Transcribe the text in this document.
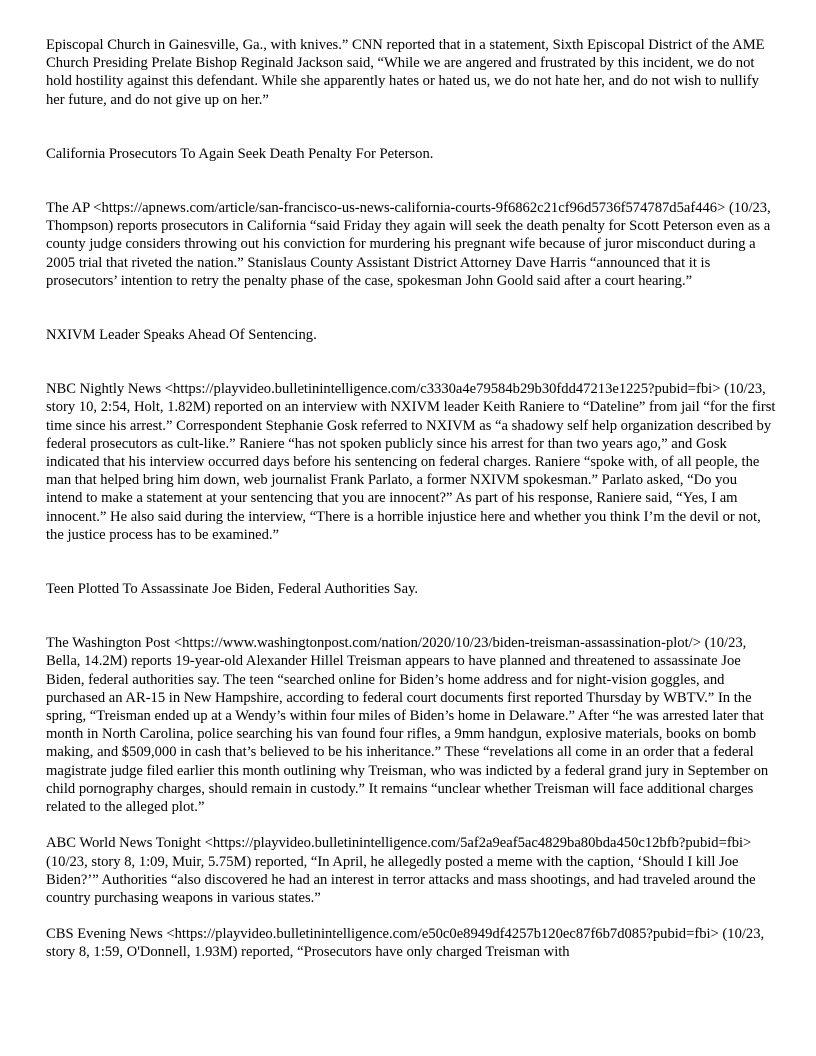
Episcopal Church in Gainesville, Ga., with knives.” CNN reported that in a statement, Sixth Episcopal District of the AME Church Presiding Prelate Bishop Reginald Jackson said, “While we are angered and frustrated by this incident, we do not hold hostility against this defendant. While she apparently hates or hated us, we do not hate her, and do not wish to nullify her future, and do not give up on her.”

California Prosecutors To Again Seek Death Penalty For Peterson.

The AP <https://apnews.com/article/san-francisco-us-news-california-courts-9f6862c21cf96d5736f574787d5af446> (10/23, Thompson) reports prosecutors in California “said Friday they again will seek the death penalty for Scott Peterson even as a county judge considers throwing out his conviction for murdering his pregnant wife because of juror misconduct during a 2005 trial that riveted the nation.” Stanislaus County Assistant District Attorney Dave Harris “announced that it is prosecutors’ intention to retry the penalty phase of the case, spokesman John Goold said after a court hearing.”

NXIVM Leader Speaks Ahead Of Sentencing.

NBC Nightly News <https://playvideo.bulletinintelligence.com/c3330a4e79584b29b30fdd47213e1225?pubid=fbi> (10/23, story 10, 2:54, Holt, 1.82M) reported on an interview with NXIVM leader Keith Raniere to “Dateline” from jail “for the first time since his arrest.” Correspondent Stephanie Gosk referred to NXIVM as “a shadowy self help organization described by federal prosecutors as cult-like.” Raniere “has not spoken publicly since his arrest for than two years ago,” and Gosk indicated that his interview occurred days before his sentencing on federal charges. Raniere “spoke with, of all people, the man that helped bring him down, web journalist Frank Parlato, a former NXIVM spokesman.” Parlato asked, “Do you intend to make a statement at your sentencing that you are innocent?” As part of his response, Raniere said, “Yes, I am innocent.” He also said during the interview, “There is a horrible injustice here and whether you think I’m the devil or not, the justice process has to be examined.”

Teen Plotted To Assassinate Joe Biden, Federal Authorities Say.

The Washington Post <https://www.washingtonpost.com/nation/2020/10/23/biden-treisman-assassination-plot/> (10/23, Bella, 14.2M) reports 19-year-old Alexander Hillel Treisman appears to have planned and threatened to assassinate Joe Biden, federal authorities say. The teen “searched online for Biden’s home address and for night-vision goggles, and purchased an AR-15 in New Hampshire, according to federal court documents first reported Thursday by WBTV.” In the spring, “Treisman ended up at a Wendy’s within four miles of Biden’s home in Delaware.” After “he was arrested later that month in North Carolina, police searching his van found four rifles, a 9mm handgun, explosive materials, books on bomb making, and $509,000 in cash that’s believed to be his inheritance.” These “revelations all come in an order that a federal magistrate judge filed earlier this month outlining why Treisman, who was indicted by a federal grand jury in September on child pornography charges, should remain in custody.” It remains “unclear whether Treisman will face additional charges related to the alleged plot.”

ABC World News Tonight <https://playvideo.bulletinintelligence.com/5af2a9eaf5ac4829ba80bda450c12bfb?pubid=fbi> (10/23, story 8, 1:09, Muir, 5.75M) reported, “In April, he allegedly posted a meme with the caption, ‘Should I kill Joe Biden?’” Authorities “also discovered he had an interest in terror attacks and mass shootings, and had traveled around the country purchasing weapons in various states.”

CBS Evening News <https://playvideo.bulletinintelligence.com/e50c0e8949df4257b120ec87f6b7d085?pubid=fbi> (10/23, story 8, 1:59, O'Donnell, 1.93M) reported, “Prosecutors have only charged Treisman with
